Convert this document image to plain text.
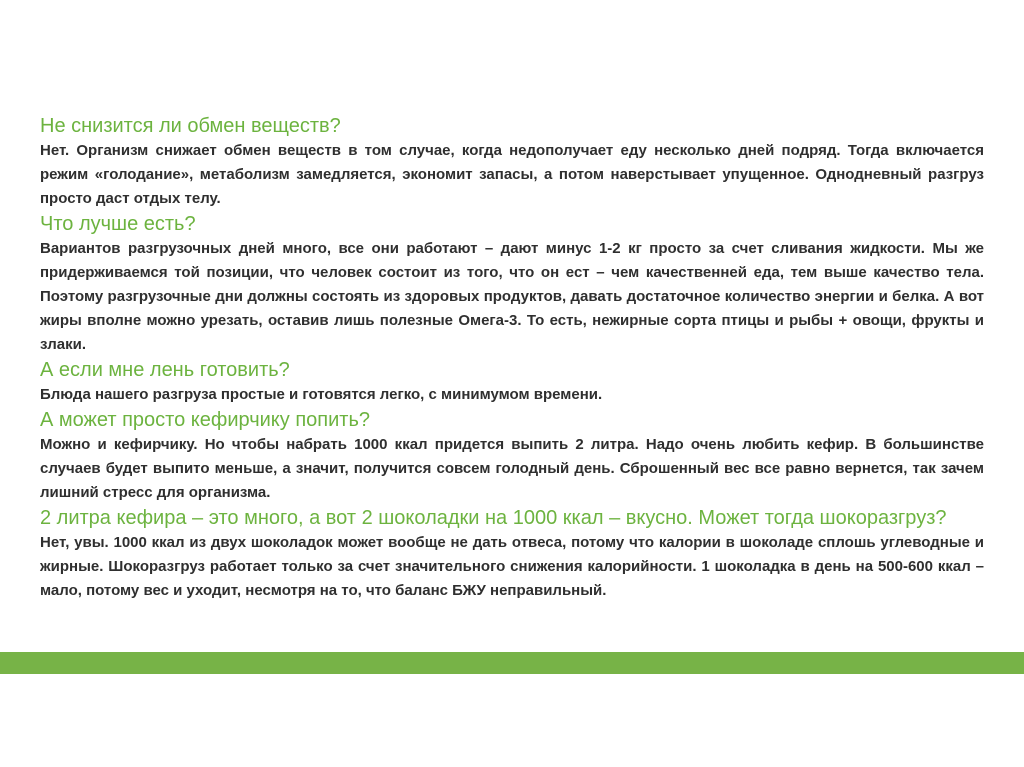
Не снизится ли обмен веществ?

Нет. Организм снижает обмен веществ в том случае, когда недополучает еду несколько дней подряд. Тогда включается режим «голодание», метаболизм замедляется, экономит запасы, а потом наверстывает упущенное. Однодневный разгруз просто даст отдых телу.

Что лучше есть?

Вариантов разгрузочных дней много, все они работают – дают минус 1-2 кг просто за счет сливания жидкости. Мы же придерживаемся той позиции, что человек состоит из того, что он ест – чем качественней еда, тем выше качество тела. Поэтому разгрузочные дни должны состоять из здоровых продуктов, давать достаточное количество энергии и белка. А вот жиры вполне можно урезать, оставив лишь полезные Омега-3. То есть, нежирные сорта птицы и рыбы + овощи, фрукты и злаки.

А если мне лень готовить?

Блюда нашего разгруза простые и готовятся легко, с минимумом времени.

А может просто кефирчику попить?

Можно и кефирчику. Но чтобы набрать 1000 ккал придется выпить 2 литра. Надо очень любить кефир. В большинстве случаев будет выпито меньше, а значит, получится совсем голодный день. Сброшенный вес все равно вернется, так зачем лишний стресс для организма.

2 литра кефира – это много, а вот 2 шоколадки на 1000 ккал – вкусно. Может тогда шокоразгруз?

Нет, увы. 1000 ккал из двух шоколадок может вообще не дать отвеса, потому что калории в шоколаде сплошь углеводные и жирные. Шокоразгруз работает только за счет значительного снижения калорийности. 1 шоколадка в день на 500-600 ккал – мало, потому вес и уходит, несмотря на то, что баланс БЖУ неправильный.
